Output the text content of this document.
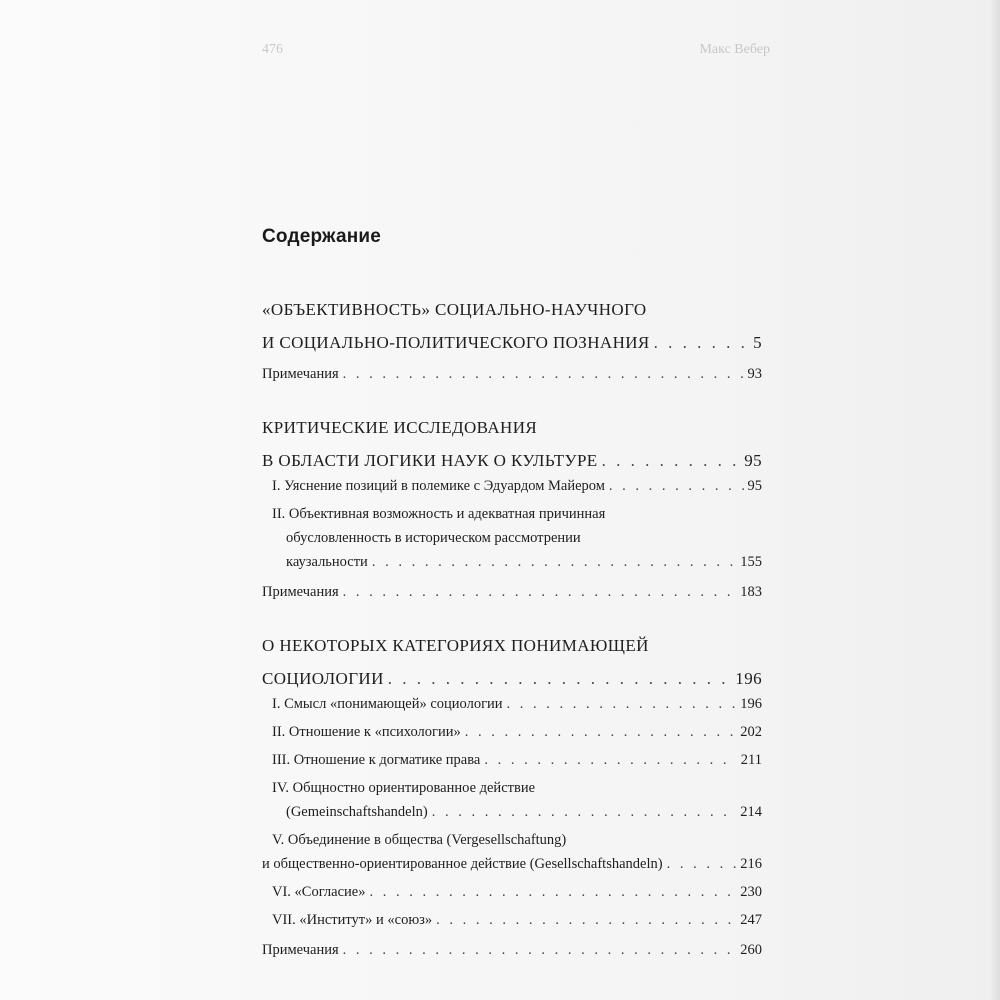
476	Макс Вебер
Содержание
«ОБЪЕКТИВНОСТЬ» СОЦИАЛЬНО-НАУЧНОГО
И СОЦИАЛЬНО-ПОЛИТИЧЕСКОГО ПОЗНАНИЯ . . .	5
Примечания . . .	93
КРИТИЧЕСКИЕ ИССЛЕДОВАНИЯ
В ОБЛАСТИ ЛОГИКИ НАУК О КУЛЬТУРЕ . . .	95
I. Уяснение позиций в полемике с Эдуардом Майером . . .	95
II. Объективная возможность и адекватная причинная
обусловленность в историческом рассмотрении
каузальности . . .	155
Примечания . . .	183
О НЕКОТОРЫХ КАТЕГОРИЯХ ПОНИМАЮЩЕЙ
СОЦИОЛОГИИ . . .	196
I. Смысл «понимающей» социологии . . .	196
II. Отношение к «психологии» . . .	202
III. Отношение к догматике права . . .	211
IV. Общностно ориентированное действие
(Gemeinschaftshandeln) . . .	214
V. Объединение в общества (Vergesellschaftung)
и общественно-ориентированное действие (Gesellschaftshandeln) . . .	216
VI. «Согласие» . . .	230
VII. «Институт» и «союз» . . .	247
Примечания . . .	260
